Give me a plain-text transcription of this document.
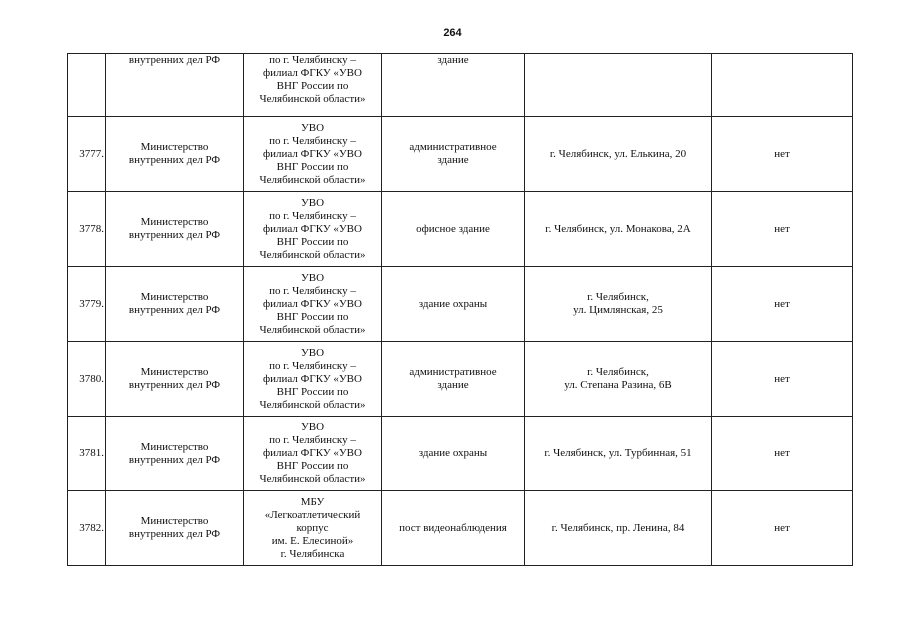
264
	внутренних дел РФ	по г. Челябинску –
филиал ФГКУ «УВО
ВНГ России по
Челябинской области»	здание		
3777.	Министерство
внутренних дел РФ	УВО
по г. Челябинску –
филиал ФГКУ «УВО
ВНГ России по
Челябинской области»	административное
здание	г. Челябинск, ул. Елькина, 20	нет
3778.	Министерство
внутренних дел РФ	УВО
по г. Челябинску –
филиал ФГКУ «УВО
ВНГ России по
Челябинской области»	офисное здание	г. Челябинск, ул. Монакова, 2А	нет
3779.	Министерство
внутренних дел РФ	УВО
по г. Челябинску –
филиал ФГКУ «УВО
ВНГ России по
Челябинской области»	здание охраны	г. Челябинск,
ул. Цимлянская, 25	нет
3780.	Министерство
внутренних дел РФ	УВО
по г. Челябинску –
филиал ФГКУ «УВО
ВНГ России по
Челябинской области»	административное
здание	г. Челябинск,
ул. Степана Разина, 6В	нет
3781.	Министерство
внутренних дел РФ	УВО
по г. Челябинску –
филиал ФГКУ «УВО
ВНГ России по
Челябинской области»	здание охраны	г. Челябинск, ул. Турбинная, 51	нет
3782.	Министерство
внутренних дел РФ	МБУ
«Легкоатлетический
корпус
им. Е. Елесиной»
г. Челябинска	пост видеонаблюдения	г. Челябинск, пр. Ленина, 84	нет
